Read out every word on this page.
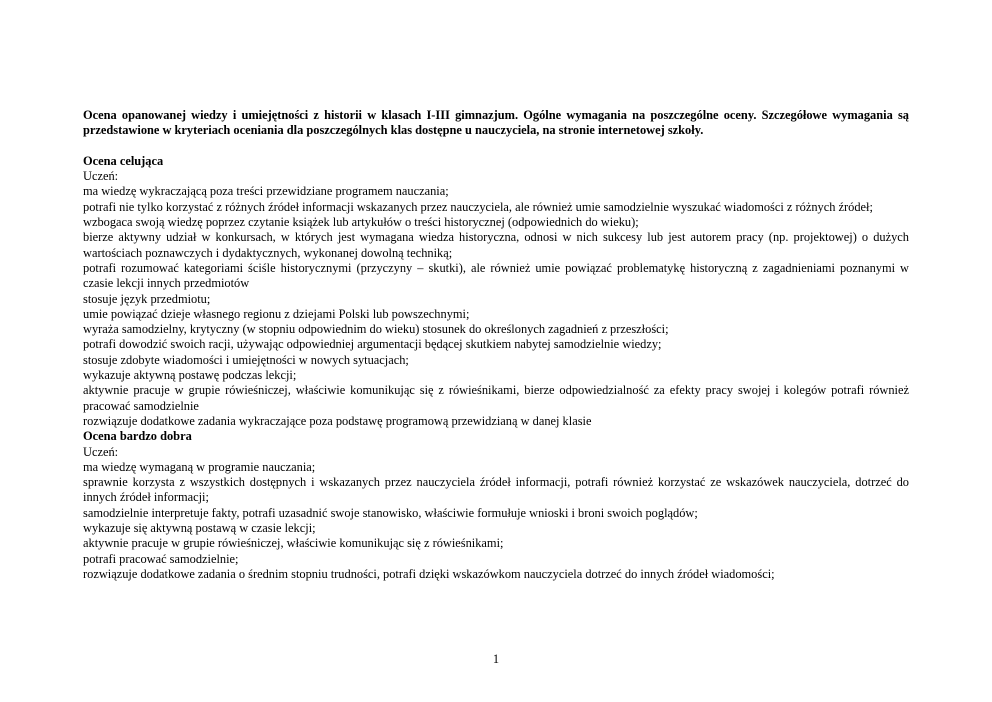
Ocena opanowanej wiedzy i umiejętności z historii w klasach I-III gimnazjum. Ogólne wymagania na poszczególne oceny. Szczegółowe wymagania są przedstawione w kryteriach oceniania dla poszczególnych klas dostępne u nauczyciela, na stronie internetowej szkoły.
Ocena celująca
Uczeń:
ma wiedzę wykraczającą poza treści przewidziane programem nauczania;
potrafi nie tylko korzystać z różnych źródeł informacji wskazanych przez nauczyciela, ale również umie samodzielnie wyszukać wiadomości z różnych źródeł;
wzbogaca swoją wiedzę poprzez czytanie książek lub artykułów o treści historycznej (odpowiednich do wieku);
bierze aktywny udział w konkursach, w których jest wymagana wiedza historyczna, odnosi w nich sukcesy lub jest autorem pracy (np. projektowej) o dużych wartościach poznawczych i dydaktycznych, wykonanej dowolną techniką;
potrafi rozumować kategoriami ściśle historycznymi (przyczyny – skutki), ale również umie powiązać problematykę historyczną z zagadnieniami poznanymi w czasie lekcji innych przedmiotów
stosuje język przedmiotu;
umie powiązać dzieje własnego regionu z dziejami Polski lub powszechnymi;
wyraża samodzielny, krytyczny (w stopniu odpowiednim do wieku) stosunek do określonych zagadnień z przeszłości;
potrafi dowodzić swoich racji, używając odpowiedniej argumentacji będącej skutkiem nabytej samodzielnie wiedzy;
stosuje zdobyte wiadomości i umiejętności w nowych sytuacjach;
wykazuje aktywną postawę podczas lekcji;
aktywnie pracuje w grupie rówieśniczej, właściwie komunikując się z rówieśnikami, bierze odpowiedzialność za efekty pracy swojej i kolegów potrafi również pracować samodzielnie
rozwiązuje dodatkowe zadania wykraczające poza podstawę programową przewidzianą w danej klasie
Ocena bardzo dobra
Uczeń:
ma wiedzę wymaganą w programie nauczania;
sprawnie korzysta z wszystkich dostępnych i wskazanych przez nauczyciela źródeł informacji, potrafi również korzystać ze wskazówek nauczyciela, dotrzeć do innych źródeł informacji;
samodzielnie interpretuje fakty, potrafi uzasadnić swoje stanowisko, właściwie formułuje wnioski i broni swoich poglądów;
wykazuje się aktywną postawą w czasie lekcji;
aktywnie pracuje w grupie rówieśniczej, właściwie komunikując się z rówieśnikami;
potrafi pracować samodzielnie;
rozwiązuje dodatkowe zadania o średnim stopniu trudności, potrafi dzięki wskazówkom nauczyciela dotrzeć do innych źródeł wiadomości;
1
